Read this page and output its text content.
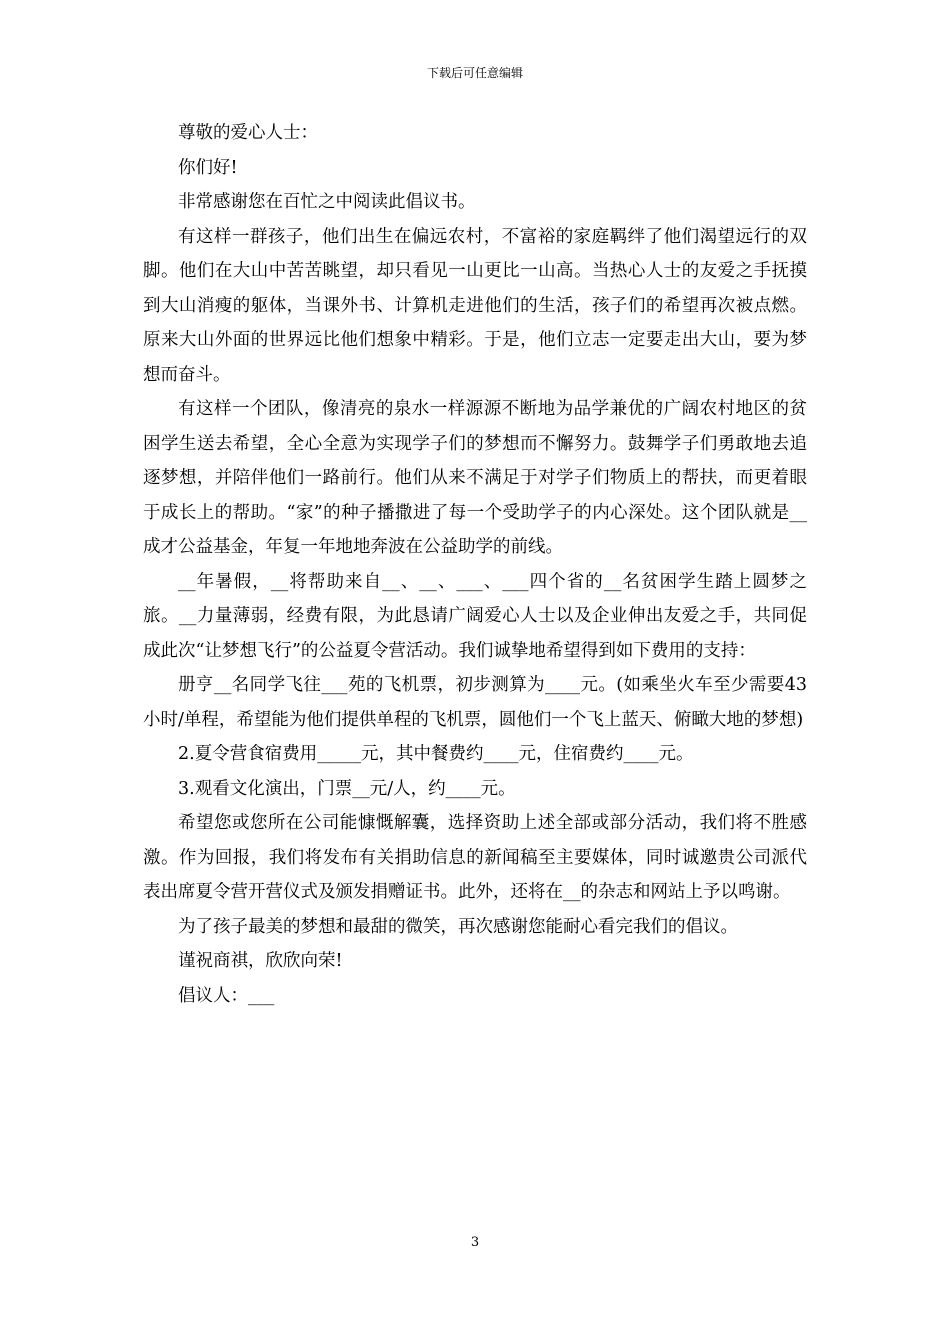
下载后可任意编辑

尊敬的爱心人士：

你们好!

非常感谢您在百忙之中阅读此倡议书。

有这样一群孩子，他们出生在偏远农村，不富裕的家庭羁绊了他们渴望远行的双脚。他们在大山中苦苦眺望，却只看见一山更比一山高。当热心人士的友爱之手抚摸到大山消瘦的躯体，当课外书、计算机走进他们的生活，孩子们的希望再次被点燃。原来大山外面的世界远比他们想象中精彩。于是，他们立志一定要走出大山，要为梦想而奋斗。

有这样一个团队，像清亮的泉水一样源源不断地为品学兼优的广阔农村地区的贫困学生送去希望，全心全意为实现学子们的梦想而不懈努力。鼓舞学子们勇敢地去追逐梦想，并陪伴他们一路前行。他们从来不满足于对学子们物质上的帮扶，而更着眼于成长上的帮助。“家”的种子播撒进了每一个受助学子的内心深处。这个团队就是__成才公益基金，年复一年地地奔波在公益助学的前线。

__年暑假，__将帮助来自__、__、___、___四个省的__名贫困学生踏上圆梦之旅。__力量薄弱，经费有限，为此恳请广阔爱心人士以及企业伸出友爱之手，共同促成此次“让梦想飞行”的公益夏令营活动。我们诚挚地希望得到如下费用的支持：

册亨__名同学飞往___苑的飞机票，初步测算为____元。(如乘坐火车至少需要43小时/单程，希望能为他们提供单程的飞机票，圆他们一个飞上蓝天、俯瞰大地的梦想)

2.夏令营食宿费用_____元，其中餐费约____元，住宿费约____元。

3.观看文化演出，门票__元/人，约____元。

希望您或您所在公司能慷慨解囊，选择资助上述全部或部分活动，我们将不胜感激。作为回报，我们将发布有关捐助信息的新闻稿至主要媒体，同时诚邀贵公司派代表出席夏令营开营仪式及颁发捐赠证书。此外，还将在__的杂志和网站上予以鸣谢。

为了孩子最美的梦想和最甜的微笑，再次感谢您能耐心看完我们的倡议。

谨祝商祺，欣欣向荣!

倡议人：___

3
